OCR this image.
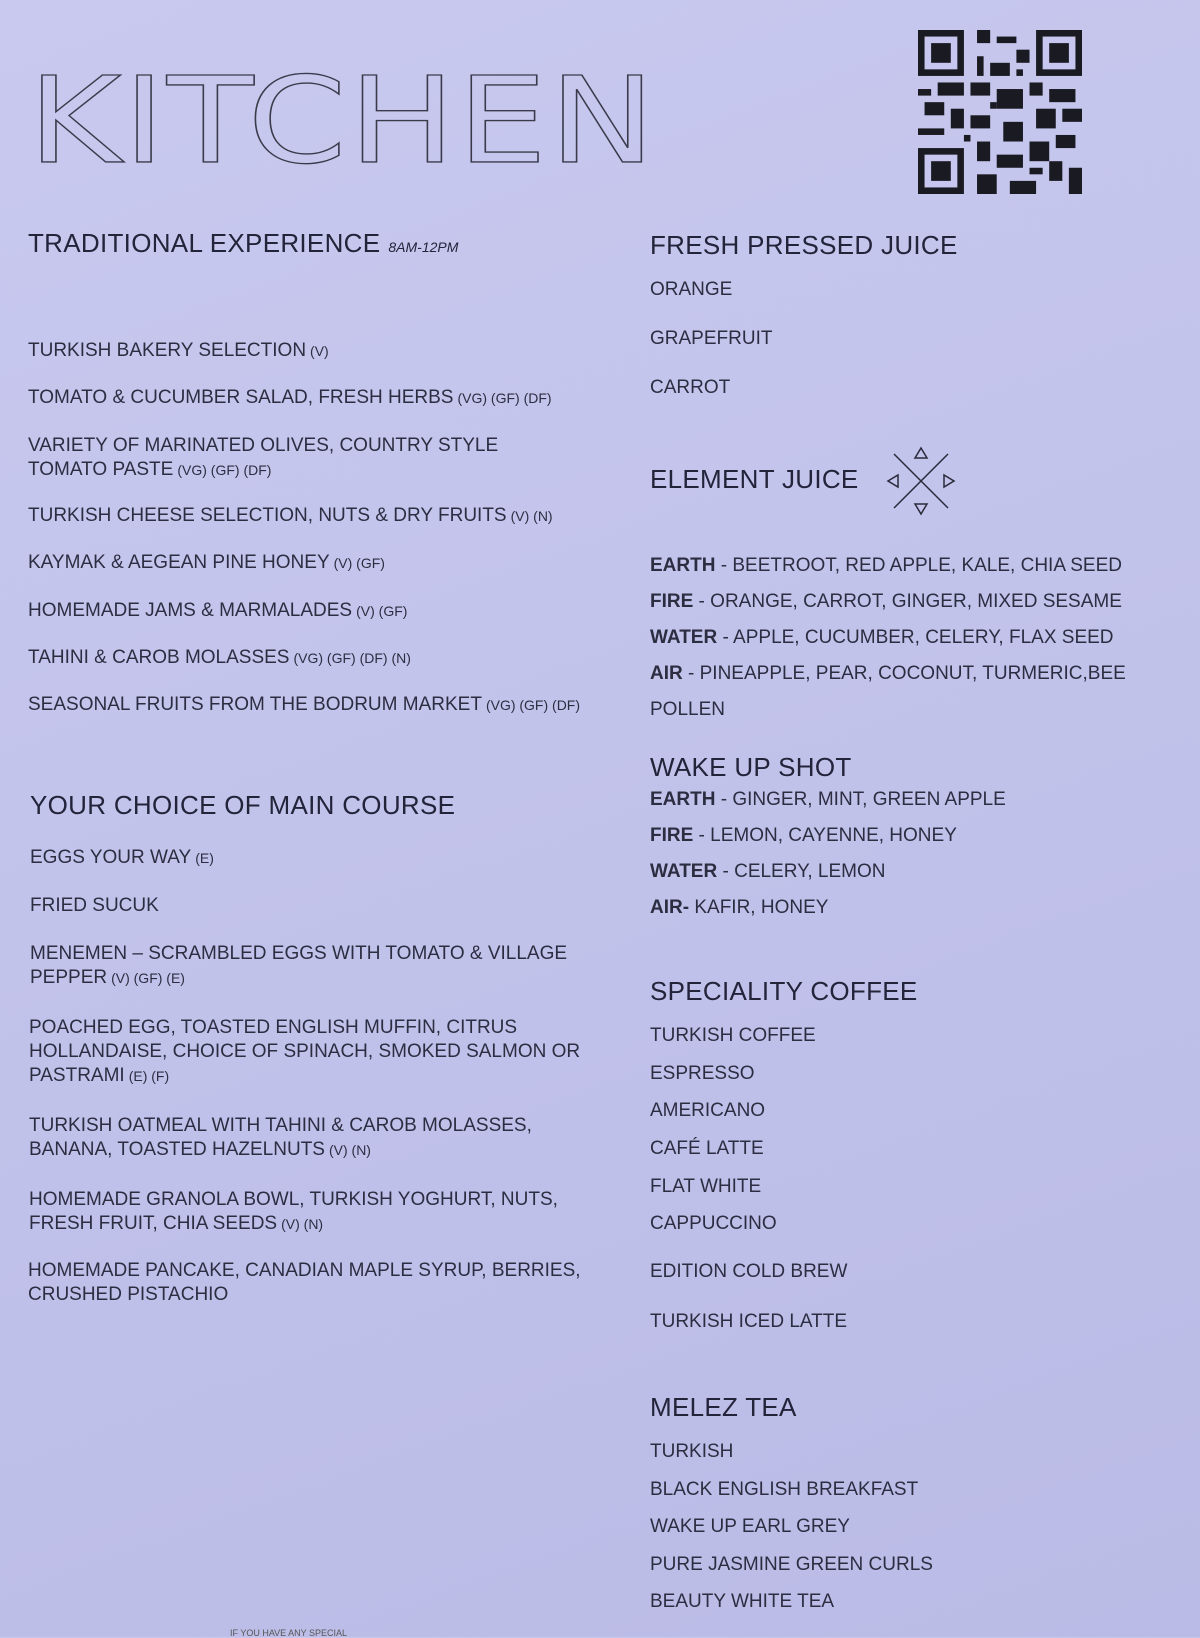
KITCHEN
TRADITIONAL EXPERIENCE 8AM-12PM

TURKISH BAKERY SELECTION (V)

TOMATO & CUCUMBER SALAD, FRESH HERBS (VG) (GF) (DF)

VARIETY OF MARINATED OLIVES, COUNTRY STYLE TOMATO PASTE (VG) (GF) (DF)

TURKISH CHEESE SELECTION, NUTS & DRY FRUITS (V) (N)

KAYMAK & AEGEAN PINE HONEY (V) (GF)

HOMEMADE JAMS & MARMALADES (V) (GF)

TAHINI & CAROB MOLASSES (VG) (GF) (DF) (N)

SEASONAL FRUITS FROM THE BODRUM MARKET (VG) (GF) (DF)

YOUR CHOICE OF MAIN COURSE

EGGS YOUR WAY (E)

FRIED SUCUK

MENEMEN – SCRAMBLED EGGS WITH TOMATO & VILLAGE PEPPER (V) (GF) (E)

POACHED EGG, TOASTED ENGLISH MUFFIN, CITRUS HOLLANDAISE, CHOICE OF SPINACH, SMOKED SALMON OR PASTRAMI (E) (F)

TURKISH OATMEAL WITH TAHINI & CAROB MOLASSES, BANANA, TOASTED HAZELNUTS (V) (N)

HOMEMADE GRANOLA BOWL, TURKISH YOGHURT, NUTS, FRESH FRUIT, CHIA SEEDS (V) (N)

HOMEMADE PANCAKE, CANADIAN MAPLE SYRUP, BERRIES, CRUSHED PISTACHIO

FRESH PRESSED JUICE

ORANGE

GRAPEFRUIT

CARROT

ELEMENT JUICE

EARTH - BEETROOT, RED APPLE, KALE, CHIA SEED

FIRE - ORANGE, CARROT, GINGER, MIXED SESAME

WATER - APPLE, CUCUMBER, CELERY, FLAX SEED

AIR - PINEAPPLE, PEAR, COCONUT, TURMERIC,BEE POLLEN

WAKE UP SHOT

EARTH - GINGER, MINT, GREEN APPLE

FIRE - LEMON, CAYENNE, HONEY

WATER - CELERY, LEMON

AIR- KAFIR, HONEY

SPECIALITY COFFEE

TURKISH COFFEE

ESPRESSO

AMERICANO

CAFÉ LATTE

FLAT WHITE

CAPPUCCINO

EDITION COLD BREW

TURKISH ICED LATTE

MELEZ TEA

TURKISH

BLACK ENGLISH BREAKFAST

WAKE UP EARL GREY

PURE JASMINE GREEN CURLS

BEAUTY WHITE TEA

IF YOU HAVE ANY SPECIAL
